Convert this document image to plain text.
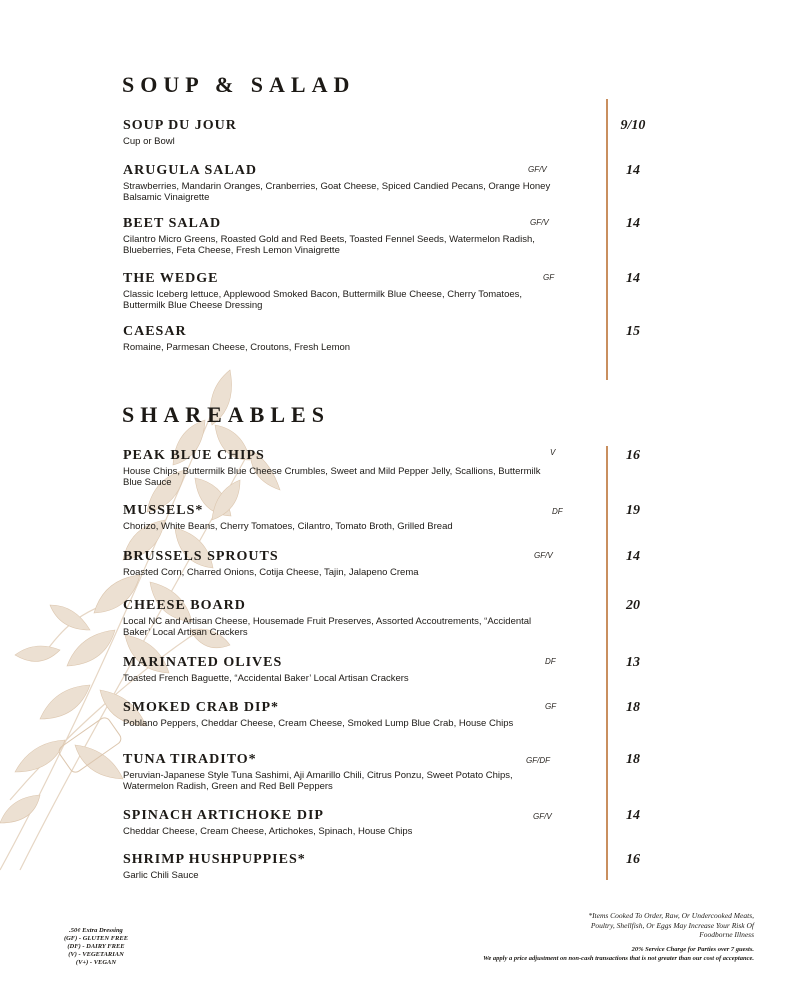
SOUP & SALAD
SOUP DU JOUR
Cup or Bowl
9/10
ARUGULA SALAD
Strawberries, Mandarin Oranges, Cranberries, Goat Cheese, Spiced Candied Pecans, Orange Honey Balsamic Vinaigrette
GF/V	14
BEET SALAD
Cilantro Micro Greens, Roasted Gold and Red Beets, Toasted Fennel Seeds, Watermelon Radish, Blueberries, Feta Cheese, Fresh Lemon Vinaigrette
GF/V	14
THE WEDGE
Classic Iceberg lettuce, Applewood Smoked Bacon, Buttermilk Blue Cheese, Cherry Tomatoes, Buttermilk Blue Cheese Dressing
GF	14
CAESAR
Romaine, Parmesan Cheese, Croutons, Fresh Lemon
15
SHAREABLES
PEAK BLUE CHIPS
House Chips, Buttermilk Blue Cheese Crumbles, Sweet and Mild Pepper Jelly, Scallions, Buttermilk Blue Sauce
V	16
MUSSELS*
Chorizo, White Beans, Cherry Tomatoes, Cilantro, Tomato Broth, Grilled Bread
DF	19
BRUSSELS SPROUTS
Roasted Corn, Charred Onions, Cotija Cheese, Tajin, Jalapeno Crema
GF/V	14
CHEESE BOARD
Local NC and Artisan Cheese, Housemade Fruit Preserves, Assorted Accoutrements, “Accidental Baker’ Local Artisan Crackers
20
MARINATED OLIVES
Toasted French Baguette, “Accidental Baker’ Local Artisan Crackers
DF	13
SMOKED CRAB DIP*
Poblano Peppers, Cheddar Cheese, Cream Cheese, Smoked Lump Blue Crab, House Chips
GF	18
TUNA TIRADITO*
Peruvian-Japanese Style Tuna Sashimi, Aji Amarillo Chili, Citrus Ponzu, Sweet Potato Chips, Watermelon Radish, Green and Red Bell Peppers
GF/DF	18
SPINACH ARTICHOKE DIP
Cheddar Cheese, Cream Cheese, Artichokes, Spinach, House Chips
GF/V	14
SHRIMP HUSHPUPPIES*
Garlic Chili Sauce
16
.50¢ Extra Dressing
(GF) - GLUTEN FREE
(DF) - DAIRY FREE
(V) - VEGETARIAN
(V+) - VEGAN
*Items Cooked To Order, Raw, Or Undercooked Meats, Poultry, Shellfish, Or Eggs May Increase Your Risk Of Foodborne Illness
20% Service Charge for Parties over 7 guests.
We apply a price adjustment on non-cash transactions that is not greater than our cost of acceptance.
